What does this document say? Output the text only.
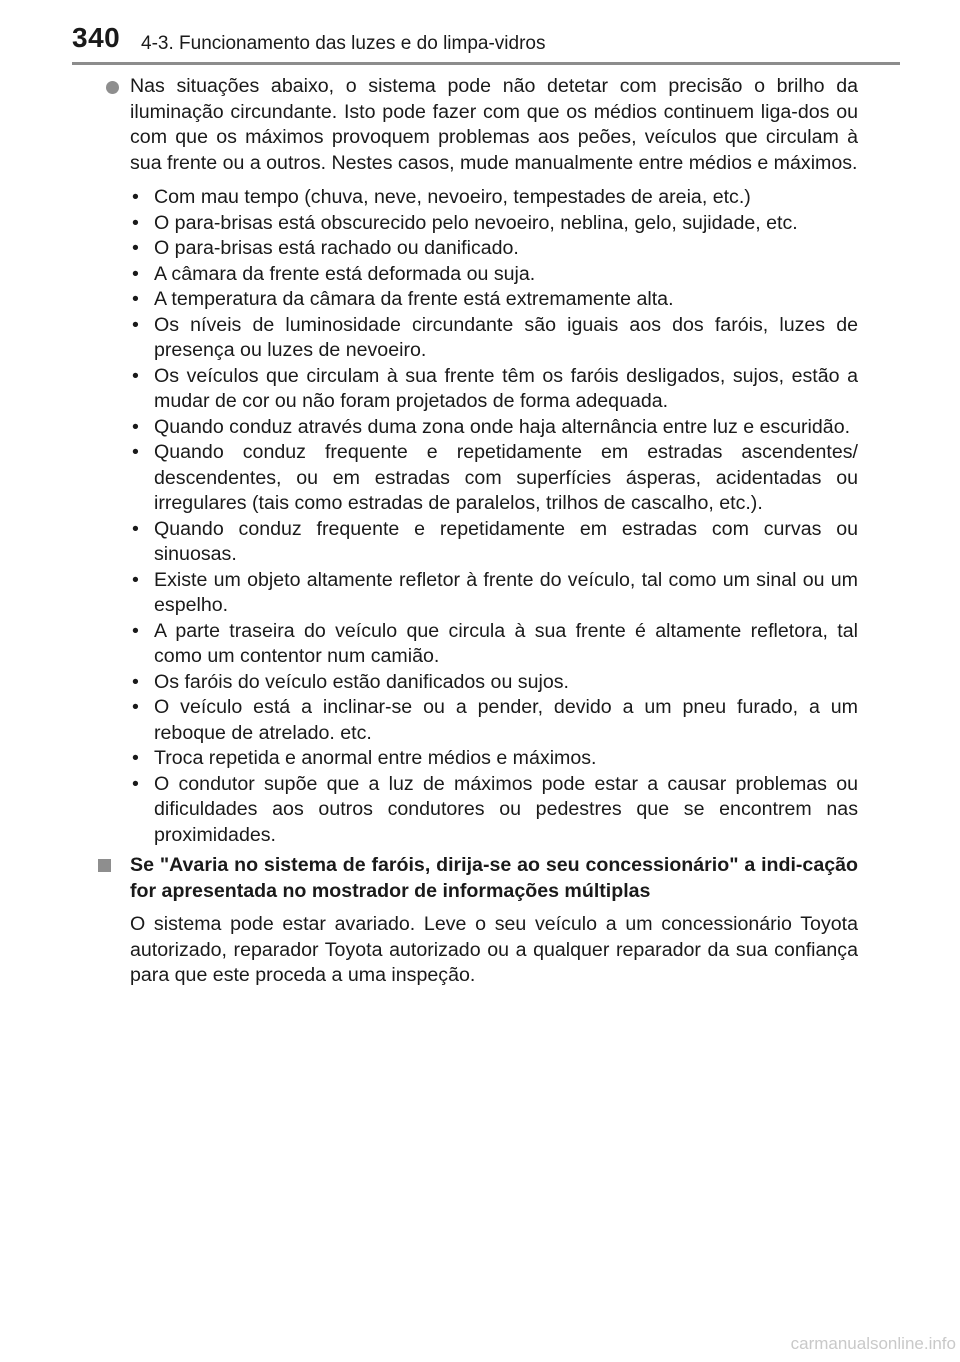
340 4-3. Funcionamento das luzes e do limpa-vidros
Nas situações abaixo, o sistema pode não detetar com precisão o brilho da iluminação circundante. Isto pode fazer com que os médios continuem liga-dos ou com que os máximos provoquem problemas aos peões, veículos que circulam à sua frente ou a outros. Nestes casos, mude manualmente entre médios e máximos.
• Com mau tempo (chuva, neve, nevoeiro, tempestades de areia, etc.)
• O para-brisas está obscurecido pelo nevoeiro, neblina, gelo, sujidade, etc.
• O para-brisas está rachado ou danificado.
• A câmara da frente está deformada ou suja.
• A temperatura da câmara da frente está extremamente alta.
• Os níveis de luminosidade circundante são iguais aos dos faróis, luzes de presença ou luzes de nevoeiro.
• Os veículos que circulam à sua frente têm os faróis desligados, sujos, estão a mudar de cor ou não foram projetados de forma adequada.
• Quando conduz através duma zona onde haja alternância entre luz e escuridão.
• Quando conduz frequente e repetidamente em estradas ascendentes/ descendentes, ou em estradas com superfícies ásperas, acidentadas ou irregulares (tais como estradas de paralelos, trilhos de cascalho, etc.).
• Quando conduz frequente e repetidamente em estradas com curvas ou sinuosas.
• Existe um objeto altamente refletor à frente do veículo, tal como um sinal ou um espelho.
• A parte traseira do veículo que circula à sua frente é altamente refletora, tal como um contentor num camião.
• Os faróis do veículo estão danificados ou sujos.
• O veículo está a inclinar-se ou a pender, devido a um pneu furado, a um reboque de atrelado. etc.
• Troca repetida e anormal entre médios e máximos.
• O condutor supõe que a luz de máximos pode estar a causar problemas ou dificuldades aos outros condutores ou pedestres que se encontrem nas proximidades.
Se "Avaria no sistema de faróis, dirija-se ao seu concessionário" a indi-cação for apresentada no mostrador de informações múltiplas
O sistema pode estar avariado. Leve o seu veículo a um concessionário Toyota autorizado, reparador Toyota autorizado ou a qualquer reparador da sua confiança para que este proceda a uma inspeção.
carmanualsonline.info
